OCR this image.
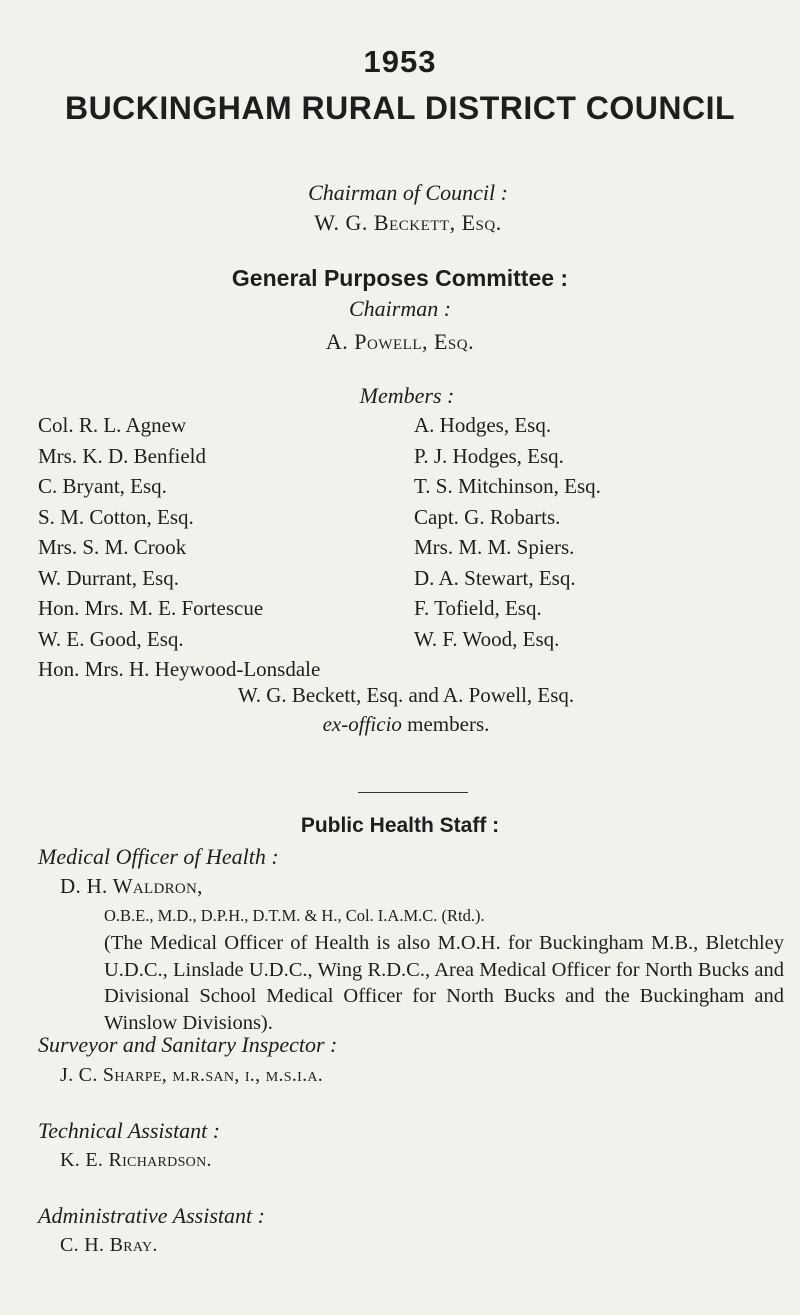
1953
BUCKINGHAM RURAL DISTRICT COUNCIL
Chairman of Council :
W. G. Beckett, Esq.
General Purposes Committee :
Chairman :
A. Powell, Esq.
Members :
Col. R. L. Agnew
Mrs. K. D. Benfield
C. Bryant, Esq.
S. M. Cotton, Esq.
Mrs. S. M. Crook
W. Durrant, Esq.
Hon. Mrs. M. E. Fortescue
W. E. Good, Esq.
Hon. Mrs. H. Heywood-Lonsdale
A. Hodges, Esq.
P. J. Hodges, Esq.
T. S. Mitchinson, Esq.
Capt. G. Robarts.
Mrs. M. M. Spiers.
D. A. Stewart, Esq.
F. Tofield, Esq.
W. F. Wood, Esq.
W. G. Beckett, Esq. and A. Powell, Esq.
ex-officio members.
Public Health Staff :
Medical Officer of Health :
D. H. Waldron,
O.B.E., M.D., D.P.H., D.T.M. & H., Col. I.A.M.C. (Rtd.).
(The Medical Officer of Health is also M.O.H. for Buckingham M.B., Bletchley U.D.C., Linslade U.D.C., Wing R.D.C., Area Medical Officer for North Bucks and Divisional School Medical Officer for North Bucks and the Buckingham and Winslow Divisions).
Surveyor and Sanitary Inspector :
J. C. Sharpe, m.r.san, i., m.s.i.a.
Technical Assistant :
K. E. Richardson.
Administrative Assistant :
C. H. Bray.
